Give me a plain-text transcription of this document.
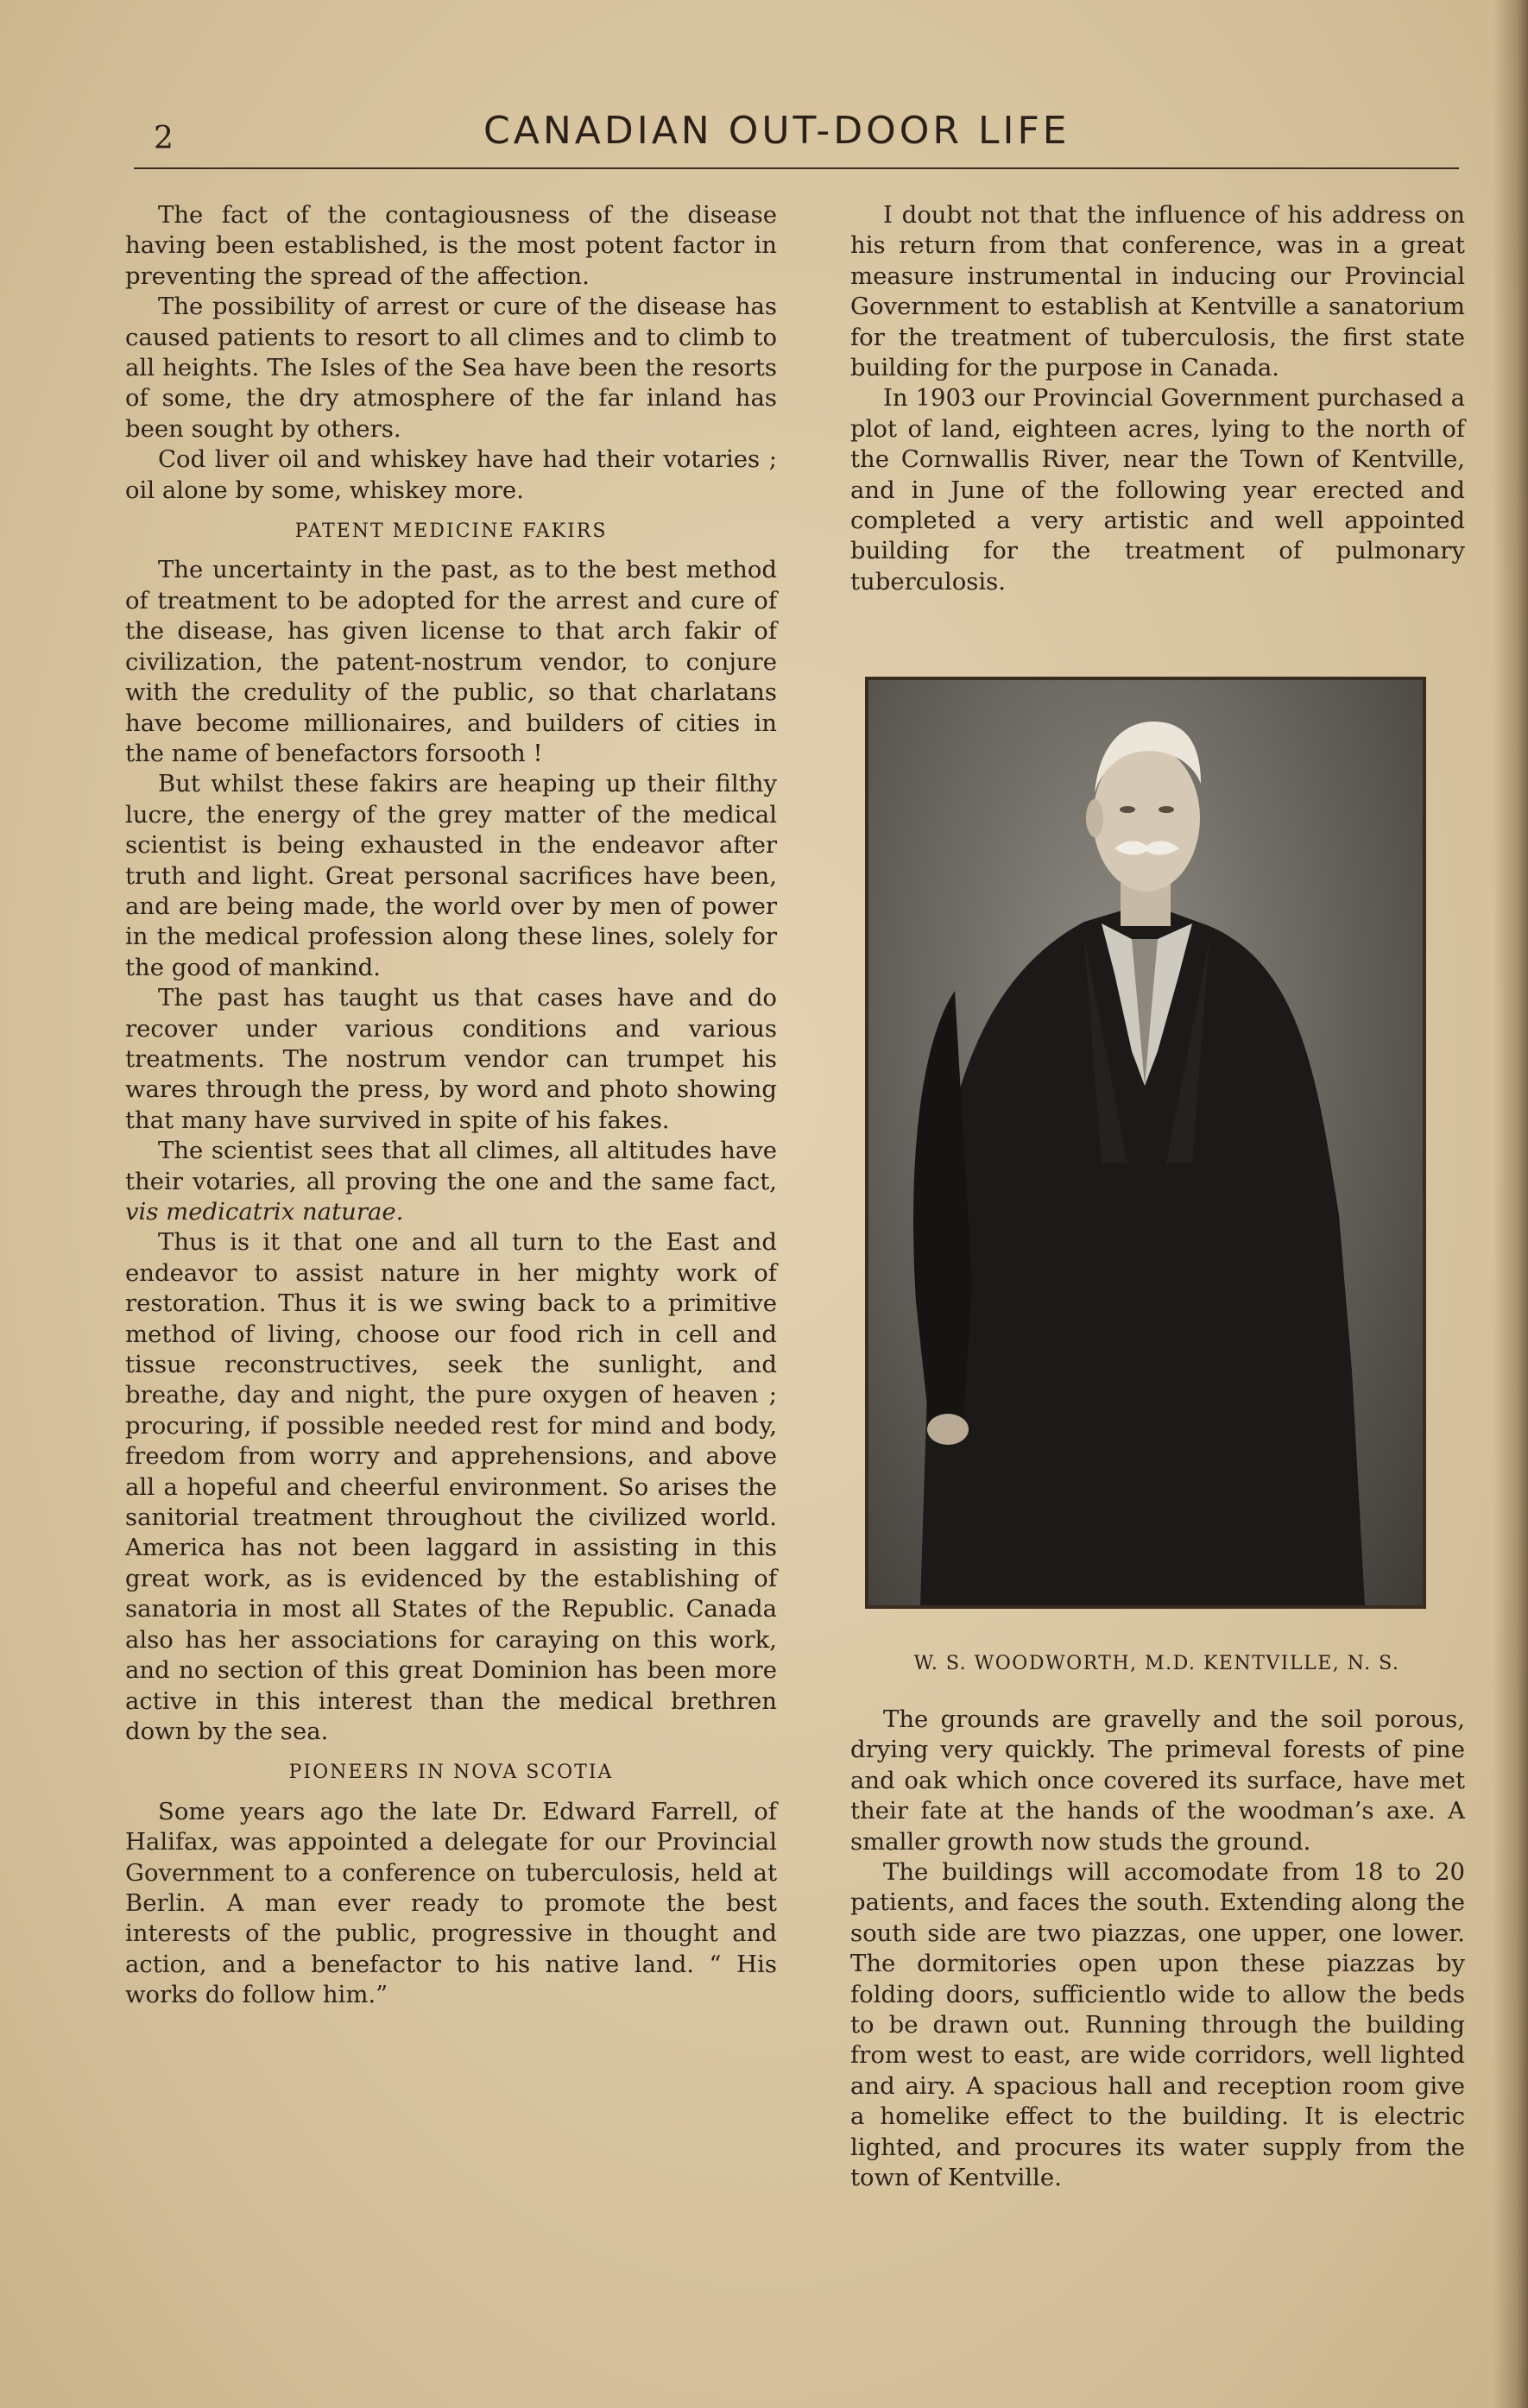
2	CANADIAN OUT-DOOR LIFE

The fact of the contagiousness of the disease having been established, is the most potent factor in preventing the spread of the affection.

The possibility of arrest or cure of the disease has caused patients to resort to all climes and to climb to all heights. The Isles of the Sea have been the resorts of some, the dry atmosphere of the far inland has been sought by others.

Cod liver oil and whiskey have had their votaries ; oil alone by some, whiskey more.

PATENT MEDICINE FAKIRS

The uncertainty in the past, as to the best method of treatment to be adopted for the arrest and cure of the disease, has given license to that arch fakir of civilization, the patent-nostrum vendor, to conjure with the credulity of the public, so that charlatans have become millionaires, and builders of cities in the name of benefactors forsooth !

But whilst these fakirs are heaping up their filthy lucre, the energy of the grey matter of the medical scientist is being exhausted in the endeavor after truth and light. Great personal sacrifices have been, and are being made, the world over by men of power in the medical profession along these lines, solely for the good of mankind.

The past has taught us that cases have and do recover under various conditions and various treatments. The nostrum vendor can trumpet his wares through the press, by word and photo showing that many have survived in spite of his fakes.

The scientist sees that all climes, all altitudes have their votaries, all proving the one and the same fact, vis medicatrix naturae.

Thus is it that one and all turn to the East and endeavor to assist nature in her mighty work of restoration. Thus it is we swing back to a primitive method of living, choose our food rich in cell and tissue reconstructives, seek the sunlight, and breathe, day and night, the pure oxygen of heaven ; procuring, if possible needed rest for mind and body, freedom from worry and apprehensions, and above all a hopeful and cheerful environment. So arises the sanitorial treatment throughout the civilized world. America has not been laggard in assisting in this great work, as is evidenced by the establishing of sanatoria in most all States of the Republic. Canada also has her associations for caraying on this work, and no section of this great Dominion has been more active in this interest than the medical brethren down by the sea.

PIONEERS IN NOVA SCOTIA

Some years ago the late Dr. Edward Farrell, of Halifax, was appointed a delegate for our Provincial Government to a conference on tuberculosis, held at Berlin. A man ever ready to promote the best interests of the public, progressive in thought and action, and a benefactor to his native land. “ His works do follow him.”

I doubt not that the influence of his address on his return from that conference, was in a great measure instrumental in inducing our Provincial Government to establish at Kentville a sanatorium for the treatment of tuberculosis, the first state building for the purpose in Canada.

In 1903 our Provincial Government purchased a plot of land, eighteen acres, lying to the north of the Cornwallis River, near the Town of Kentville, and in June of the following year erected and completed a very artistic and well appointed building for the treatment of pulmonary tuberculosis.

W. S. WOODWORTH, M.D. KENTVILLE, N. S.

The grounds are gravelly and the soil porous, drying very quickly. The primeval forests of pine and oak which once covered its surface, have met their fate at the hands of the woodman’s axe. A smaller growth now studs the ground.

The buildings will accomodate from 18 to 20 patients, and faces the south. Extending along the south side are two piazzas, one upper, one lower. The dormitories open upon these piazzas by folding doors, sufficientlo wide to allow the beds to be drawn out. Running through the building from west to east, are wide corridors, well lighted and airy. A spacious hall and reception room give a homelike effect to the building. It is electric lighted, and procures its water supply from the town of Kentville.
